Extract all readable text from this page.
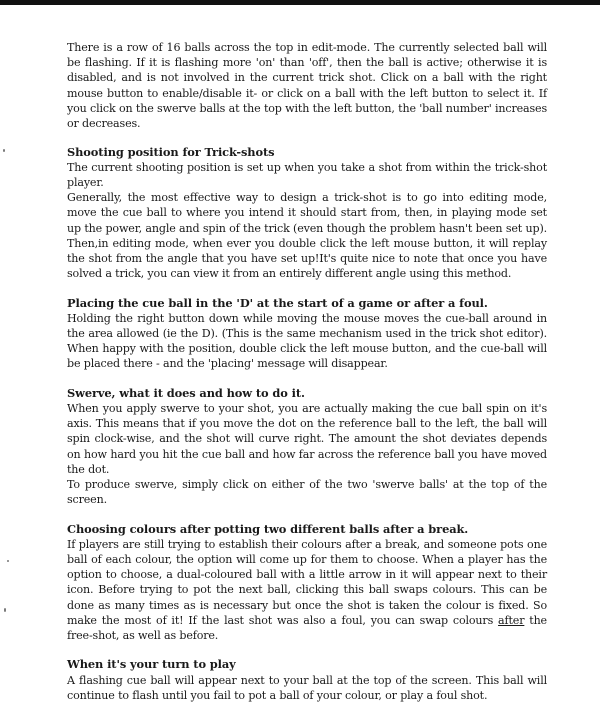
There is a row of 16 balls across the top in edit-mode. The currently selected ball will be flashing. If it is flashing more 'on' than 'off', then the ball is active; otherwise it is disabled, and is not involved in the current trick shot. Click on a ball with the right mouse button to enable/disable it- or click on a ball with the left button to select it. If you click on the swerve balls at the top with the left button, the 'ball number' increases or decreases.

Shooting position for Trick-shots

The current shooting position is set up when you take a shot from within the trick-shot player.

Generally, the most effective way to design a trick-shot is to go into editing mode, move the cue ball to where you intend it should start from, then, in playing mode set up the power, angle and spin of the trick (even though the problem hasn't been set up). Then,in editing mode, when ever you double click the left mouse button, it will replay the shot from the angle that you have set up!It's quite nice to note that once you have solved a trick, you can view it from an entirely different angle using this method.

Placing the cue ball in the 'D' at the start of a game or after a foul.

Holding the right button down while moving the mouse moves the cue-ball around in the area allowed (ie the D). (This is the same mechanism used in the trick shot editor). When happy with the position, double click the left mouse button, and the cue-ball will be placed there - and the 'placing' message will disappear.

Swerve, what it does and how to do it.

When you apply swerve to your shot, you are actually making the cue ball spin on it's axis. This means that if you move the dot on the reference ball to the left, the ball will spin clock-wise, and the shot will curve right. The amount the shot deviates depends on how hard you hit the cue ball and how far across the reference ball you have moved the dot.

To produce swerve, simply click on either of the two 'swerve balls' at the top of the screen.

Choosing colours after potting two different balls after a break.

If players are still trying to establish their colours after a break, and someone pots one ball of each colour, the option will come up for them to choose. When a player has the option to choose, a dual-coloured ball with a little arrow in it will appear next to their icon. Before trying to pot the next ball, clicking this ball swaps colours. This can be done as many times as is necessary but once the shot is taken the colour is fixed. So make the most of it! If the last shot was also a foul, you can swap colours after the free-shot, as well as before.

When it's your turn to play

A flashing cue ball will appear next to your ball at the top of the screen. This ball will continue to flash until you fail to pot a ball of your colour, or play a foul shot.
